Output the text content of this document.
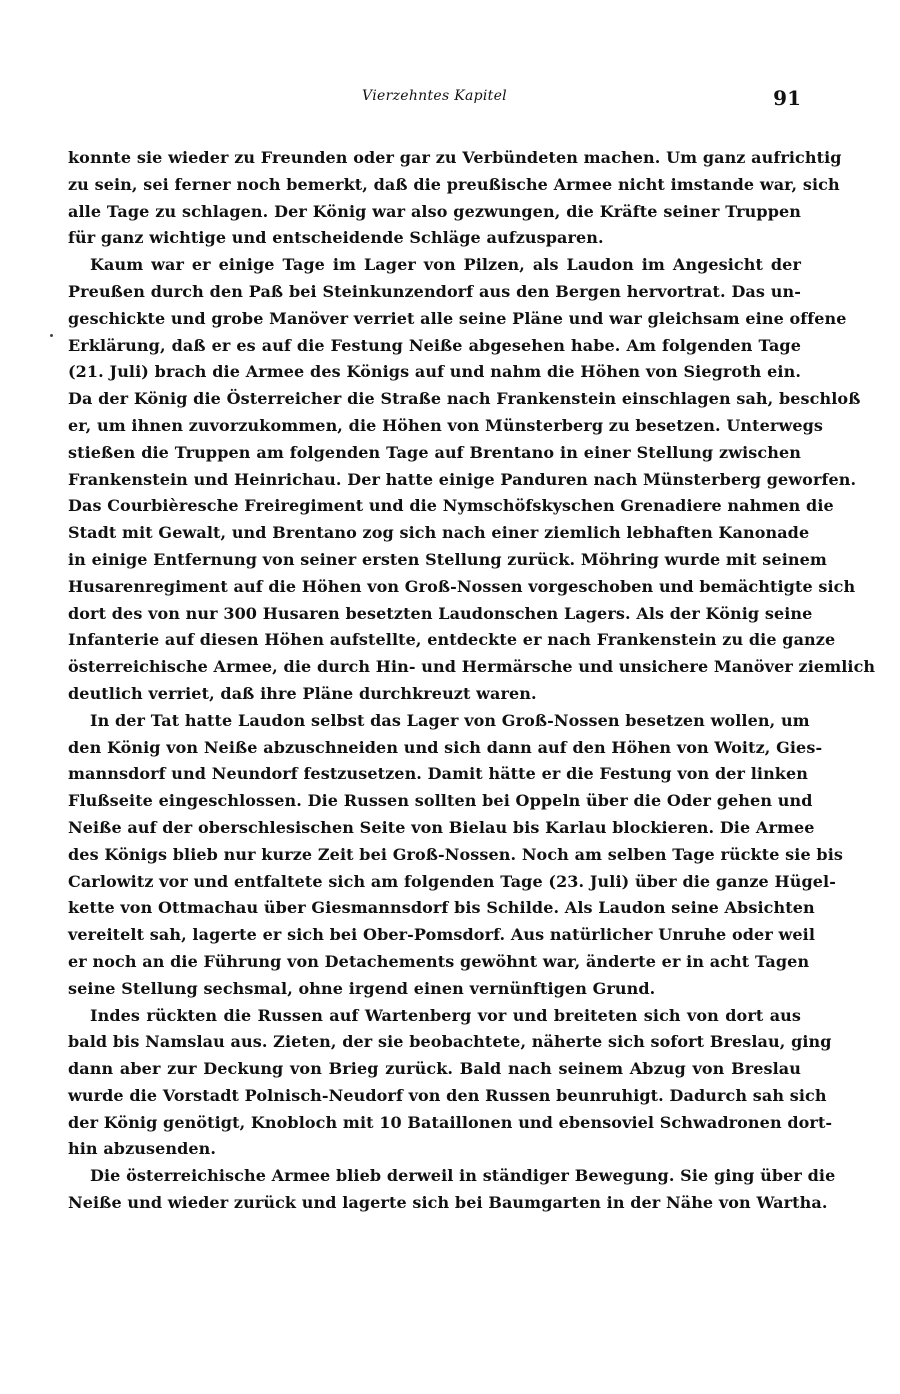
Vierzehntes Kapitel	91
konnte sie wieder zu Freunden oder gar zu Verbündeten machen. Um ganz aufrichtig
zu sein, sei ferner noch bemerkt, daß die preußische Armee nicht imstande war, sich
alle Tage zu schlagen. Der König war also gezwungen, die Kräfte seiner Truppen
für ganz wichtige und entscheidende Schläge aufzusparen.
Kaum war er einige Tage im Lager von Pilzen, als Laudon im Angesicht der
Preußen durch den Paß bei Steinkunzendorf aus den Bergen hervortrat. Das un-
geschickte und grobe Manöver verriet alle seine Pläne und war gleichsam eine offene
Erklärung, daß er es auf die Festung Neiße abgesehen habe. Am folgenden Tage
(21. Juli) brach die Armee des Königs auf und nahm die Höhen von Siegroth ein.
Da der König die Österreicher die Straße nach Frankenstein einschlagen sah, beschloß
er, um ihnen zuvorzukommen, die Höhen von Münsterberg zu besetzen. Unterwegs
stießen die Truppen am folgenden Tage auf Brentano in einer Stellung zwischen
Frankenstein und Heinrichau. Der hatte einige Panduren nach Münsterberg geworfen.
Das Courbièresche Freiregiment und die Nymschöfskyschen Grenadiere nahmen die
Stadt mit Gewalt, und Brentano zog sich nach einer ziemlich lebhaften Kanonade
in einige Entfernung von seiner ersten Stellung zurück. Möhring wurde mit seinem
Husarenregiment auf die Höhen von Groß-Nossen vorgeschoben und bemächtigte sich
dort des von nur 300 Husaren besetzten Laudonschen Lagers. Als der König seine
Infanterie auf diesen Höhen aufstellte, entdeckte er nach Frankenstein zu die ganze
österreichische Armee, die durch Hin- und Hermärsche und unsichere Manöver ziemlich
deutlich verriet, daß ihre Pläne durchkreuzt waren.
In der Tat hatte Laudon selbst das Lager von Groß-Nossen besetzen wollen, um
den König von Neiße abzuschneiden und sich dann auf den Höhen von Woitz, Gies-
mannsdorf und Neundorf festzusetzen. Damit hätte er die Festung von der linken
Flußseite eingeschlossen. Die Russen sollten bei Oppeln über die Oder gehen und
Neiße auf der oberschlesischen Seite von Bielau bis Karlau blockieren. Die Armee
des Königs blieb nur kurze Zeit bei Groß-Nossen. Noch am selben Tage rückte sie bis
Carlowitz vor und entfaltete sich am folgenden Tage (23. Juli) über die ganze Hügel-
kette von Ottmachau über Giesmannsdorf bis Schilde. Als Laudon seine Absichten
vereitelt sah, lagerte er sich bei Ober-Pomsdorf. Aus natürlicher Unruhe oder weil
er noch an die Führung von Detachements gewöhnt war, änderte er in acht Tagen
seine Stellung sechsmal, ohne irgend einen vernünftigen Grund.
Indes rückten die Russen auf Wartenberg vor und breiteten sich von dort aus
bald bis Namslau aus. Zieten, der sie beobachtete, näherte sich sofort Breslau, ging
dann aber zur Deckung von Brieg zurück. Bald nach seinem Abzug von Breslau
wurde die Vorstadt Polnisch-Neudorf von den Russen beunruhigt. Dadurch sah sich
der König genötigt, Knobloch mit 10 Bataillonen und ebensoviel Schwadronen dort-
hin abzusenden.
Die österreichische Armee blieb derweil in ständiger Bewegung. Sie ging über die
Neiße und wieder zurück und lagerte sich bei Baumgarten in der Nähe von Wartha.
